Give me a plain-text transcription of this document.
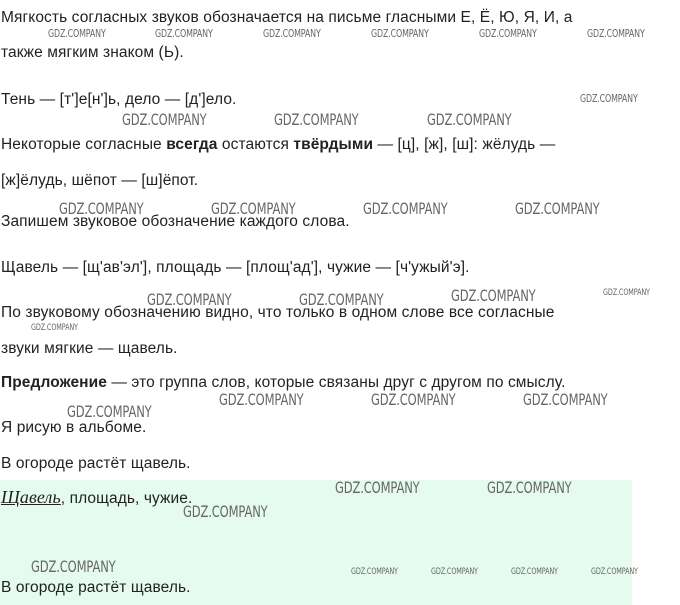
Мягкость согласных звуков обозначается на письме гласными Е, Ё, Ю, Я, И, а

также мягким знаком (Ь).

Тень — [т']е[н']ь, дело — [д']ело.

Некоторые согласные всегда остаются твёрдыми — [ц], [ж], [ш]: жёлудь —

[ж]ёлудь, шёпот — [ш]ёпот.

Запишем звуковое обозначение каждого слова.

Щавель — [щ'ав'эл'], площадь — [площ'ад'], чужие — [ч'ужый'э].

По звуковому обозначению видно, что только в одном слове все согласные

звуки мягкие — щавель.

Предложение — это группа слов, которые связаны друг с другом по смыслу.

Я рисую в альбоме.

В огороде растёт щавель.

Щавель, площадь, чужие.

В огороде растёт щавель.

GDZ.COMPANY	GDZ.COMPANY	GDZ.COMPANY	GDZ.COMPANY	GDZ.COMPANY	GDZ.COMPANY
GDZ.COMPANY
GDZ.COMPANY	GDZ.COMPANY	GDZ.COMPANY
GDZ.COMPANY	GDZ.COMPANY	GDZ.COMPANY	GDZ.COMPANY
GDZ.COMPANY	GDZ.COMPANY	GDZ.COMPANY	GDZ.COMPANY
GDZ.COMPANY
GDZ.COMPANY	GDZ.COMPANY	GDZ.COMPANY
GDZ.COMPANY
GDZ.COMPANY	GDZ.COMPANY
GDZ.COMPANY
GDZ.COMPANY	GDZ.COMPANY	GDZ.COMPANY	GDZ.COMPANY	GDZ.COMPANY
